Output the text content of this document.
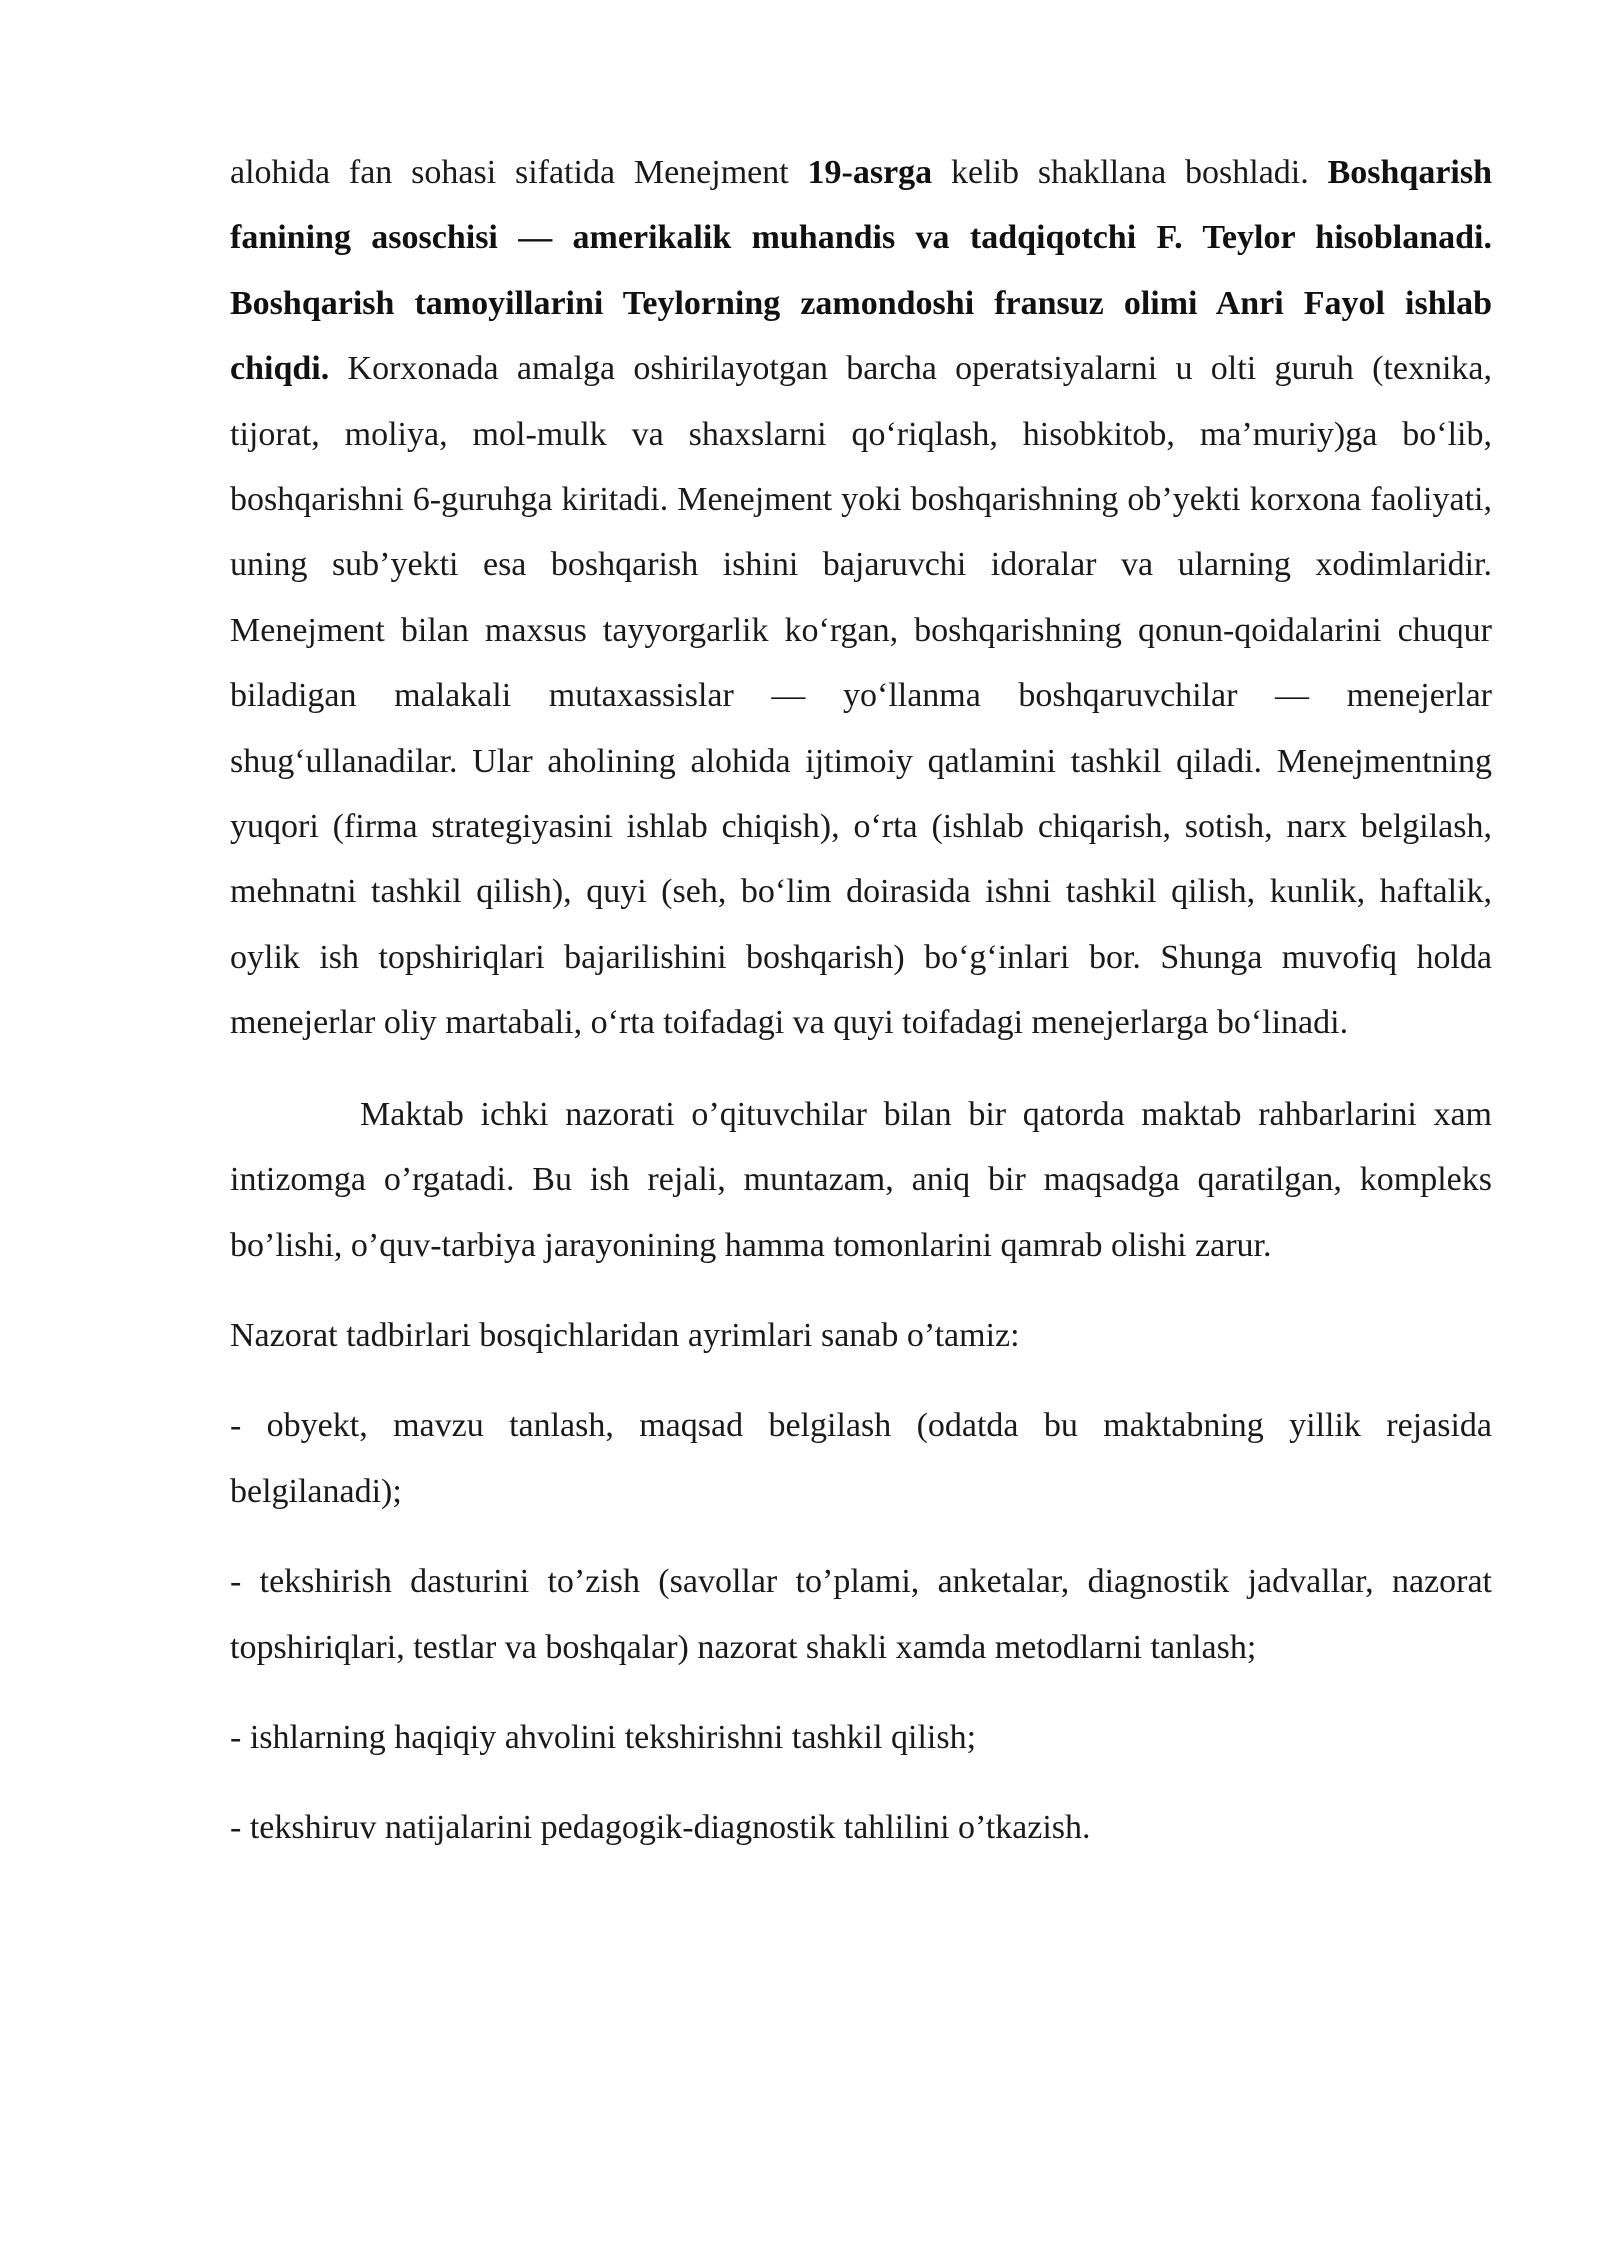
alohida fan sohasi sifatida Menejment 19-asrga kelib shakllana boshladi. Boshqarish fanining asoschisi — amerikalik muhandis va tadqiqotchi F. Teylor hisoblanadi. Boshqarish tamoyillarini Teylorning zamondoshi fransuz olimi Anri Fayol ishlab chiqdi. Korxonada amalga oshirilayotgan barcha operatsiyalarni u olti guruh (texnika, tijorat, moliya, mol-mulk va shaxslarni qo‘riqlash, hisobkitob, ma’muriy)ga bo‘lib, boshqarishni 6-guruhga kiritadi. Menejment yoki boshqarishning ob’yekti korxona faoliyati, uning sub’yekti esa boshqarish ishini bajaruvchi idoralar va ularning xodimlaridir. Menejment bilan maxsus tayyorgarlik ko‘rgan, boshqarishning qonun-qoidalarini chuqur biladigan malakali mutaxassislar — yo‘llanma boshqaruvchilar — menejerlar shug‘ullanadilar. Ular aholining alohida ijtimoiy qatlamini tashkil qiladi. Menejmentning yuqori (firma strategiyasini ishlab chiqish), o‘rta (ishlab chiqarish, sotish, narx belgilash, mehnatni tashkil qilish), quyi (seh, bo‘lim doirasida ishni tashkil qilish, kunlik, haftalik, oylik ish topshiriqlari bajarilishini boshqarish) bo‘g‘inlari bor. Shunga muvofiq holda menejerlar oliy martabali, o‘rta toifadagi va quyi toifadagi menejerlarga bo‘linadi.

Maktab ichki nazorati o’qituvchilar bilan bir qatorda maktab rahbarlarini xam intizomga o’rgatadi. Bu ish rejali, muntazam, aniq bir maqsadga qaratilgan, kompleks bo’lishi, o’quv-tarbiya jarayonining hamma tomonlarini qamrab olishi zarur.

Nazorat tadbirlari bosqichlaridan ayrimlari sanab o’tamiz:

- obyekt, mavzu tanlash, maqsad belgilash (odatda bu maktabning yillik rejasida belgilanadi);

- tekshirish dasturini to’zish (savollar to’plami, anketalar, diagnostik jadvallar, nazorat topshiriqlari, testlar va boshqalar) nazorat shakli xamda metodlarni tanlash;

- ishlarning haqiqiy ahvolini tekshirishni tashkil qilish;

- tekshiruv natijalarini pedagogik-diagnostik tahlilini o’tkazish.
